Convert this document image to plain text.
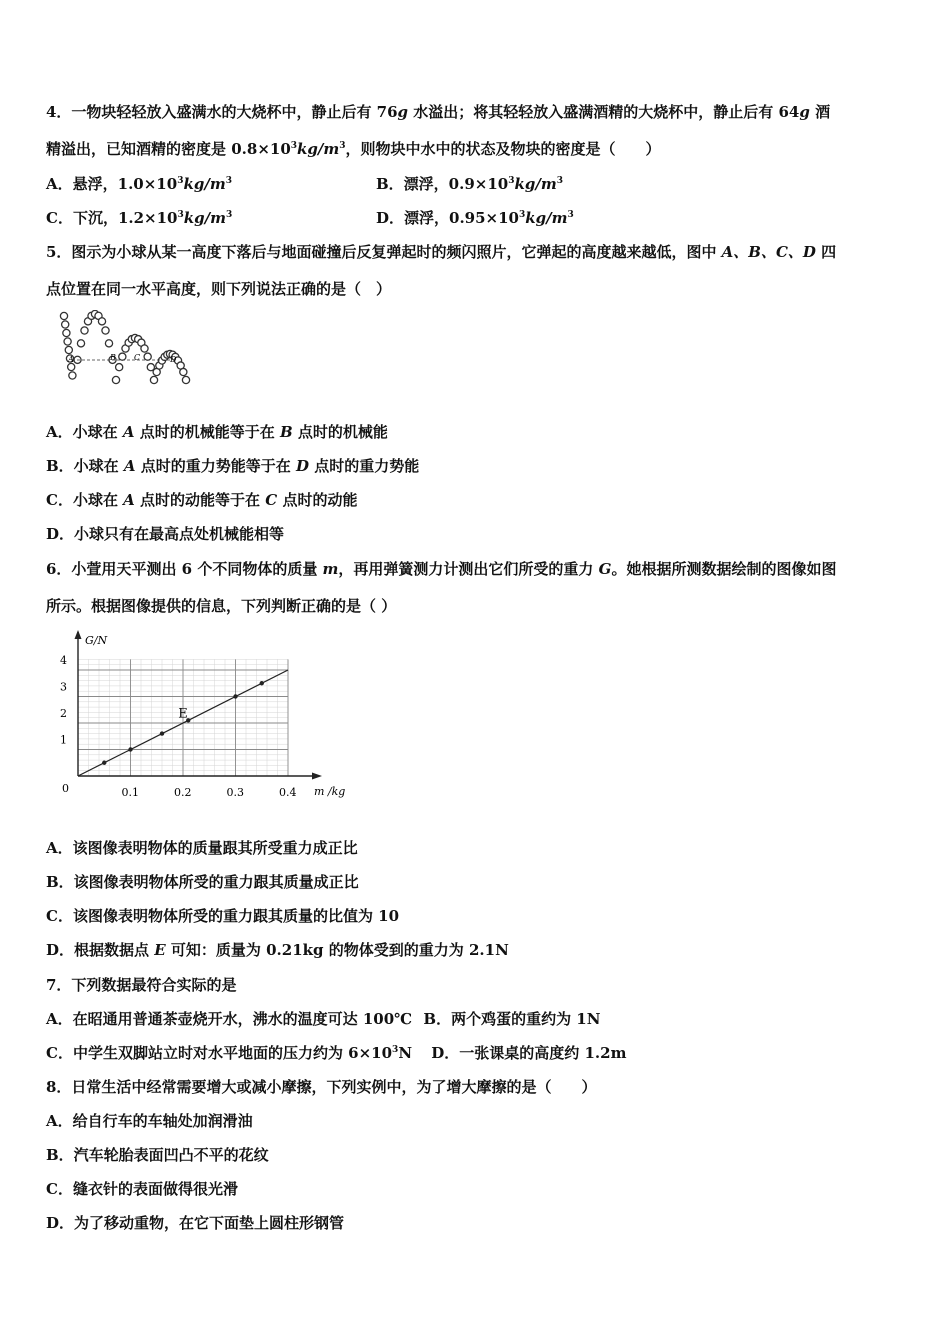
4．一物块轻轻放入盛满水的大烧杯中，静止后有 76g 水溢出；将其轻轻放入盛满酒精的大烧杯中，静止后有 64g 酒
精溢出，已知酒精的密度是 $0.8\times 10^3kg/m^3$，则物块中水中的状态及物块的密度是（　　）
A．悬浮，$1.0\times 10^3kg/m^3$	B．漂浮，$0.9\times 10^3kg/m^3$
C．下沉，$1.2\times 10^3kg/m^3$	D．漂浮，$0.95\times 10^3kg/m^3$
5．图示为小球从某一高度下落后与地面碰撞后反复弹起时的频闪照片，它弹起的高度越来越低，图中 A、B、C、D 四
点位置在同一水平高度，则下列说法正确的是（　）
A	B C	D
A．小球在 A 点时的机械能等于在 B 点时的机械能
B．小球在 A 点时的重力势能等于在 D 点时的重力势能
C．小球在 A 点时的动能等于在 C 点时的动能
D．小球只有在最高点处机械能相等
6．小萱用天平测出 6 个不同物体的质量 m，再用弹簧测力计测出它们所受的重力 G。她根据所测数据绘制的图像如图
所示。根据图像提供的信息，下列判断正确的是（ ）
0.1	0.2	0.3	0.4
1
2
3
4
G/N
m /kg
0
E
A．该图像表明物体的质量跟其所受重力成正比
B．该图像表明物体所受的重力跟其质量成正比
C．该图像表明物体所受的重力跟其质量的比值为 10
D．根据数据点 E 可知：质量为 0.21kg 的物体受到的重力为 2.1N
7．下列数据最符合实际的是
A．在昭通用普通茶壶烧开水，沸水的温度可达 100℃ B．两个鸡蛋的重约为 1N
C．中学生双脚站立时对水平地面的压力约为 $6\times 10^3N$ D．一张课桌的高度约 1.2m
8．日常生活中经常需要增大或减小摩擦，下列实例中，为了增大摩擦的是（　　）
A．给自行车的车轴处加润滑油
B．汽车轮胎表面凹凸不平的花纹
C．缝衣针的表面做得很光滑
D．为了移动重物，在它下面垫上圆柱形钢管
